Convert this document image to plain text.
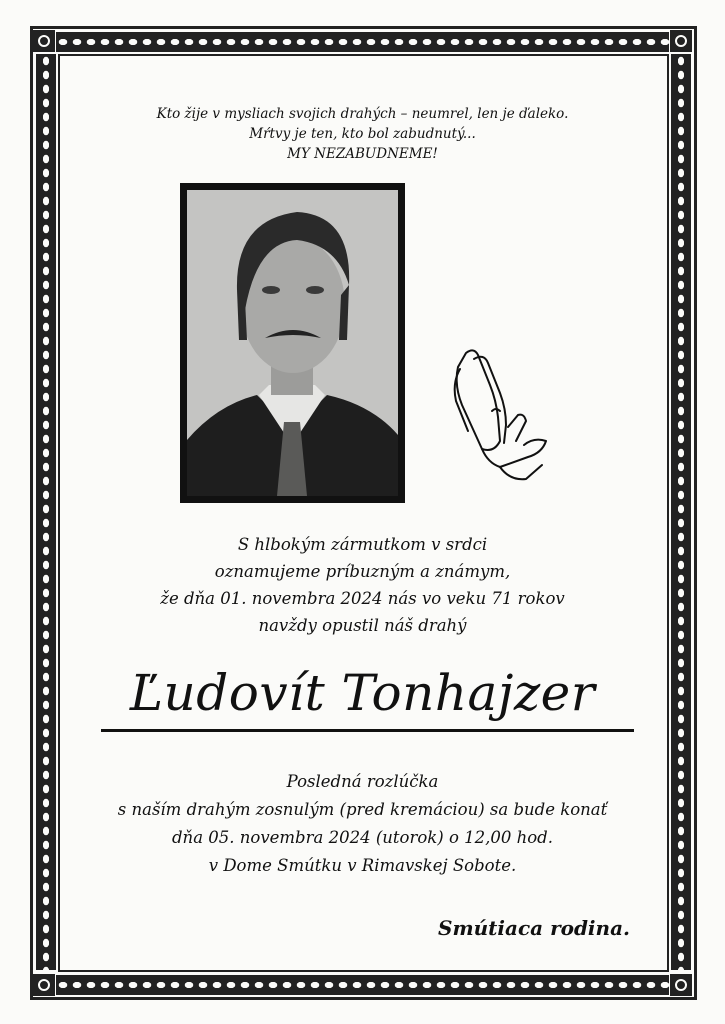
Kto žije v mysliach svojich drahých – neumrel, len je ďaleko.
Mŕtvy je ten, kto bol zabudnutý...
MY NEZABUDNEME!
S hlbokým zármutkom v srdci
oznamujeme príbuzným a známym,
že dňa 01. novembra 2024 nás vo veku 71 rokov
navždy opustil náš drahý
Ľudovít Tonhajzer
Posledná rozlúčka
s naším drahým zosnulým (pred kremáciou) sa bude konať
dňa 05. novembra 2024 (utorok) o 12,00 hod.
v Dome Smútku v Rimavskej Sobote.
Smútiaca rodina.
